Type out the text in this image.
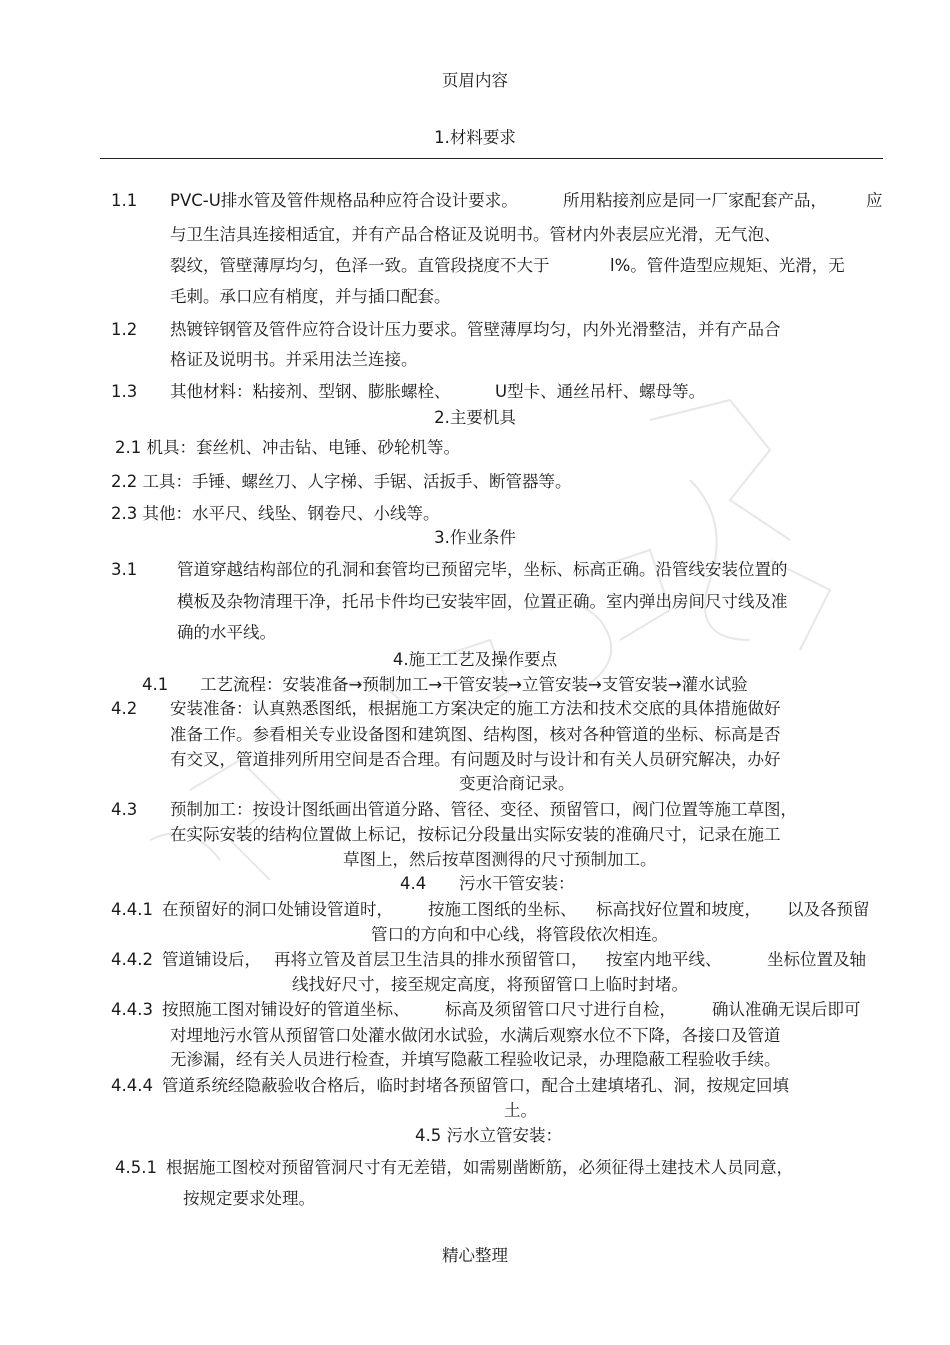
页眉内容
1.材料要求
1.1 PVC-U排水管及管件规格品种应符合设计要求。	所用粘接剂应是同一厂家配套产品， 应
与卫生洁具连接相适宜，并有产品合格证及说明书。管材内外表层应光滑，无气泡、
裂纹，管壁薄厚均匀，色泽一致。直管段挠度不大于	l%。管件造型应规矩、光滑，无
毛刺。承口应有梢度，并与插口配套。
1.2 热镀锌钢管及管件应符合设计压力要求。管壁薄厚均匀，内外光滑整洁，并有产品合
格证及说明书。并采用法兰连接。
1.3 其他材料：粘接剂、型钢、膨胀螺栓、	U型卡、通丝吊杆、螺母等。
2.主要机具
2.1 机具：套丝机、冲击钻、电锤、砂轮机等。
2.2 工具：手锤、螺丝刀、人字梯、手锯、活扳手、断管器等。
2.3 其他：水平尺、线坠、钢卷尺、小线等。
3.作业条件
3.1 管道穿越结构部位的孔洞和套管均已预留完毕，坐标、标高正确。沿管线安装位置的
模板及杂物清理干净，托吊卡件均已安装牢固，位置正确。室内弹出房间尺寸线及准
确的水平线。
4.施工工艺及操作要点
4.1 工艺流程：安装准备→预制加工→干管安装→立管安装→支管安装→灌水试验
4.2 安装准备：认真熟悉图纸，根据施工方案决定的施工方法和技术交底的具体措施做好
准备工作。参看相关专业设备图和建筑图、结构图，核对各种管道的坐标、标高是否
有交叉，管道排列所用空间是否合理。有问题及时与设计和有关人员研究解决，办好
变更洽商记录。
4.3 预制加工：按设计图纸画出管道分路、管径、变径、预留管口，阀门位置等施工草图，
在实际安装的结构位置做上标记，按标记分段量出实际安装的准确尺寸，记录在施工
草图上，然后按草图测得的尺寸预制加工。
4.4 污水干管安装：
4.4.1 在预留好的洞口处铺设管道时， 按施工图纸的坐标、 标高找好位置和坡度， 以及各预留
管口的方向和中心线，将管段依次相连。
4.4.2 管道铺设后， 再将立管及首层卫生洁具的排水预留管口， 按室内地平线、	坐标位置及轴
线找好尺寸，接至规定高度，将预留管口上临时封堵。
4.4.3 按照施工图对铺设好的管道坐标、 标高及须留管口尺寸进行自检， 确认准确无误后即可
对埋地污水管从预留管口处灌水做闭水试验，水满后观察水位不下降，各接口及管道
无渗漏，经有关人员进行检查，并填写隐蔽工程验收记录，办理隐蔽工程验收手续。
4.4.4 管道系统经隐蔽验收合格后，临时封堵各预留管口，配合土建填堵孔、洞，按规定回填
土。
4.5 污水立管安装：
4.5.1 根据施工图校对预留管洞尺寸有无差错，如需剔凿断筋，必须征得土建技术人员同意，
按规定要求处理。
精心整理
